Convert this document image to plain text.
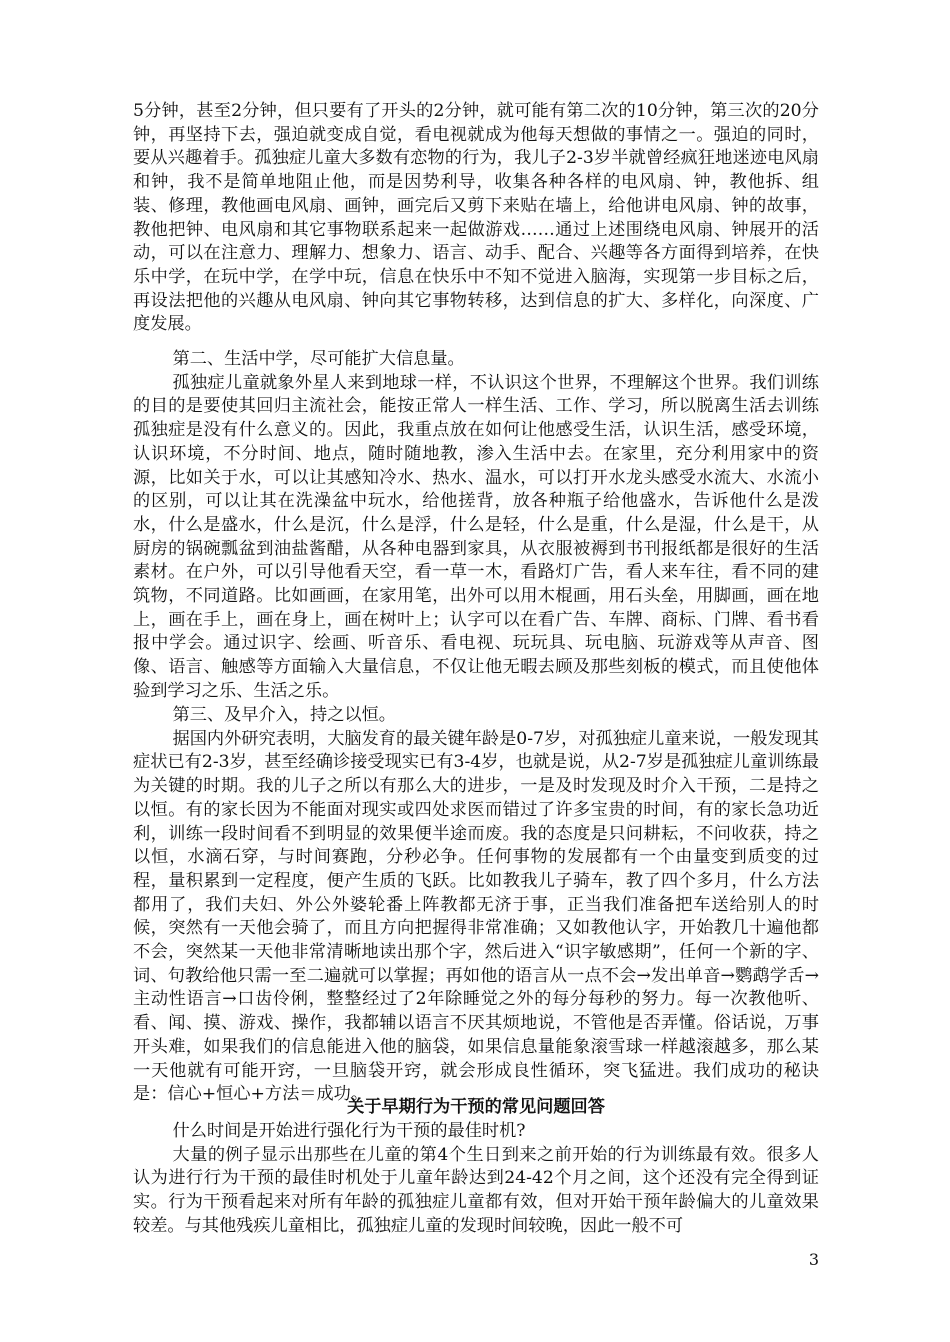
5分钟，甚至2分钟，但只要有了开头的2分钟，就可能有第二次的10分钟，第三次的20分钟，再坚持下去，强迫就变成自觉，看电视就成为他每天想做的事情之一。强迫的同时，要从兴趣着手。孤独症儿童大多数有恋物的行为，我儿子2-3岁半就曾经疯狂地迷迹电风扇和钟，我不是简单地阻止他，而是因势利导，收集各种各样的电风扇、钟，教他拆、组装、修理，教他画电风扇、画钟，画完后又剪下来贴在墙上，给他讲电风扇、钟的故事，教他把钟、电风扇和其它事物联系起来一起做游戏……通过上述围绕电风扇、钟展开的活动，可以在注意力、理解力、想象力、语言、动手、配合、兴趣等各方面得到培养，在快乐中学，在玩中学，在学中玩，信息在快乐中不知不觉进入脑海，实现第一步目标之后，再设法把他的兴趣从电风扇、钟向其它事物转移，达到信息的扩大、多样化，向深度、广度发展。

第二、生活中学，尽可能扩大信息量。

孤独症儿童就象外星人来到地球一样，不认识这个世界，不理解这个世界。我们训练的目的是要使其回归主流社会，能按正常人一样生活、工作、学习，所以脱离生活去训练孤独症是没有什么意义的。因此，我重点放在如何让他感受生活，认识生活，感受环境，认识环境，不分时间、地点，随时随地教，渗入生活中去。在家里，充分利用家中的资源，比如关于水，可以让其感知冷水、热水、温水，可以打开水龙头感受水流大、水流小的区别，可以让其在洗澡盆中玩水，给他搓背，放各种瓶子给他盛水，告诉他什么是泼水，什么是盛水，什么是沉，什么是浮，什么是轻，什么是重，什么是湿，什么是干，从厨房的锅碗瓢盆到油盐酱醋，从各种电器到家具，从衣服被褥到书刊报纸都是很好的生活素材。在户外，可以引导他看天空，看一草一木，看路灯广告，看人来车往，看不同的建筑物，不同道路。比如画画，在家用笔，出外可以用木棍画，用石头垒，用脚画，画在地上，画在手上，画在身上，画在树叶上；认字可以在看广告、车牌、商标、门牌、看书看报中学会。通过识字、绘画、听音乐、看电视、玩玩具、玩电脑、玩游戏等从声音、图像、语言、触感等方面输入大量信息，不仅让他无暇去顾及那些刻板的模式，而且使他体验到学习之乐、生活之乐。

第三、及早介入，持之以恒。

据国内外研究表明，大脑发育的最关键年龄是0-7岁，对孤独症儿童来说，一般发现其症状已有2-3岁，甚至经确诊接受现实已有3-4岁，也就是说，从2-7岁是孤独症儿童训练最为关键的时期。我的儿子之所以有那么大的进步，一是及时发现及时介入干预，二是持之以恒。有的家长因为不能面对现实或四处求医而错过了许多宝贵的时间，有的家长急功近利，训练一段时间看不到明显的效果便半途而废。我的态度是只问耕耘，不问收获，持之以恒，水滴石穿，与时间赛跑，分秒必争。任何事物的发展都有一个由量变到质变的过程，量积累到一定程度，便产生质的飞跃。比如教我儿子骑车，教了四个多月，什么方法都用了，我们夫妇、外公外婆轮番上阵教都无济于事，正当我们准备把车送给别人的时候，突然有一天他会骑了，而且方向把握得非常准确；又如教他认字，开始教几十遍他都不会，突然某一天他非常清晰地读出那个字，然后进入“识字敏感期”，任何一个新的字、词、句教给他只需一至二遍就可以掌握；再如他的语言从一点不会→发出单音→鹦鹉学舌→主动性语言→口齿伶俐，整整经过了2年除睡觉之外的每分每秒的努力。每一次教他听、看、闻、摸、游戏、操作，我都辅以语言不厌其烦地说，不管他是否弄懂。俗话说，万事开头难，如果我们的信息能进入他的脑袋，如果信息量能象滚雪球一样越滚越多，那么某一天他就有可能开窍，一旦脑袋开窍，就会形成良性循环，突飞猛进。我们成功的秘诀是：信心+恒心+方法＝成功。

关于早期行为干预的常见问题回答

什么时间是开始进行强化行为干预的最佳时机?

大量的例子显示出那些在儿童的第4个生日到来之前开始的行为训练最有效。很多人认为进行行为干预的最佳时机处于儿童年龄达到24-42个月之间，这个还没有完全得到证实。行为干预看起来对所有年龄的孤独症儿童都有效，但对开始干预年龄偏大的儿童效果较差。与其他残疾儿童相比，孤独症儿童的发现时间较晚，因此一般不可

3
